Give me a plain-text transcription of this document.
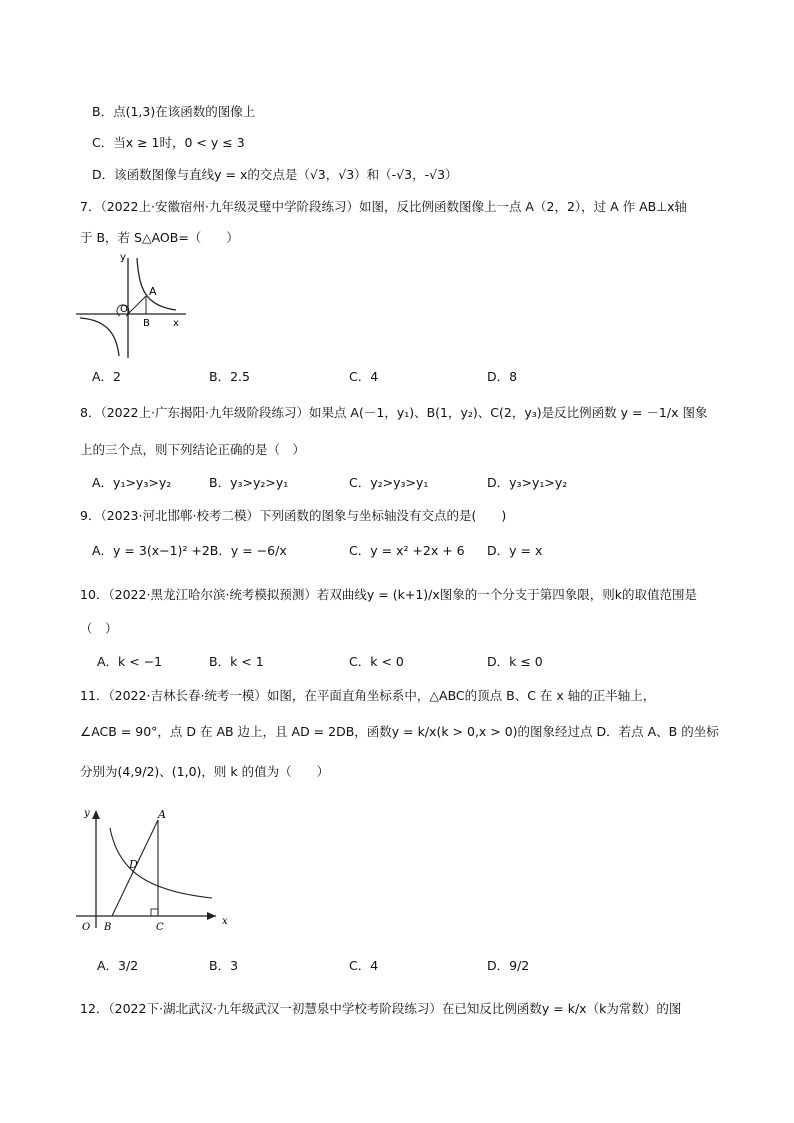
B．点(1,3)在该函数的图像上
C．当x ≥ 1时，0 < y ≤ 3
D．该函数图像与直线y = x的交点是（√3，√3）和（-√3，-√3）
7．（2022上·安徽宿州·九年级灵璧中学阶段练习）如图，反比例函数图像上一点 A（2，2），过 A 作 AB⊥x轴
于 B，若 S△AOB=（　　）
y
A
O
B x
A．2	B．2.5	C．4	D．8
8．（2022上·广东揭阳·九年级阶段练习）如果点 A(－1，y₁)、B(1，y₂)、C(2，y₃)是反比例函数 y = －1/x 图象
上的三个点，则下列结论正确的是（　）
A．y₁>y₃>y₂	B．y₃>y₂>y₁	C．y₂>y₃>y₁	D．y₃>y₁>y₂
9．（2023·河北邯郸·校考二模）下列函数的图象与坐标轴没有交点的是(　　)
A．y = 3(x−1)² +2B．y = −6/x	C．y = x² +2x + 6 D．y = x
10．（2022·黑龙江哈尔滨·统考模拟预测）若双曲线y = (k+1)/x图象的一个分支于第四象限，则k的取值范围是
（　）
A．k < −1	B．k < 1	C．k < 0	D．k ≤ 0
11．（2022·吉林长春·统考一模）如图，在平面直角坐标系中，△ABC的顶点 B、C 在 x 轴的正半轴上，
∠ACB = 90°，点 D 在 AB 边上，且 AD = 2DB，函数y = k/x(k > 0,x > 0)的图象经过点 D．若点 A、B 的坐标
分别为(4,9/2)、(1,0)，则 k 的值为（　　）
y	A
D
O B	C
x
A．3/2	B．3	C．4	D．9/2
12．（2022下·湖北武汉·九年级武汉一初慧泉中学校考阶段练习）在已知反比例函数y = k/x（k为常数）的图
